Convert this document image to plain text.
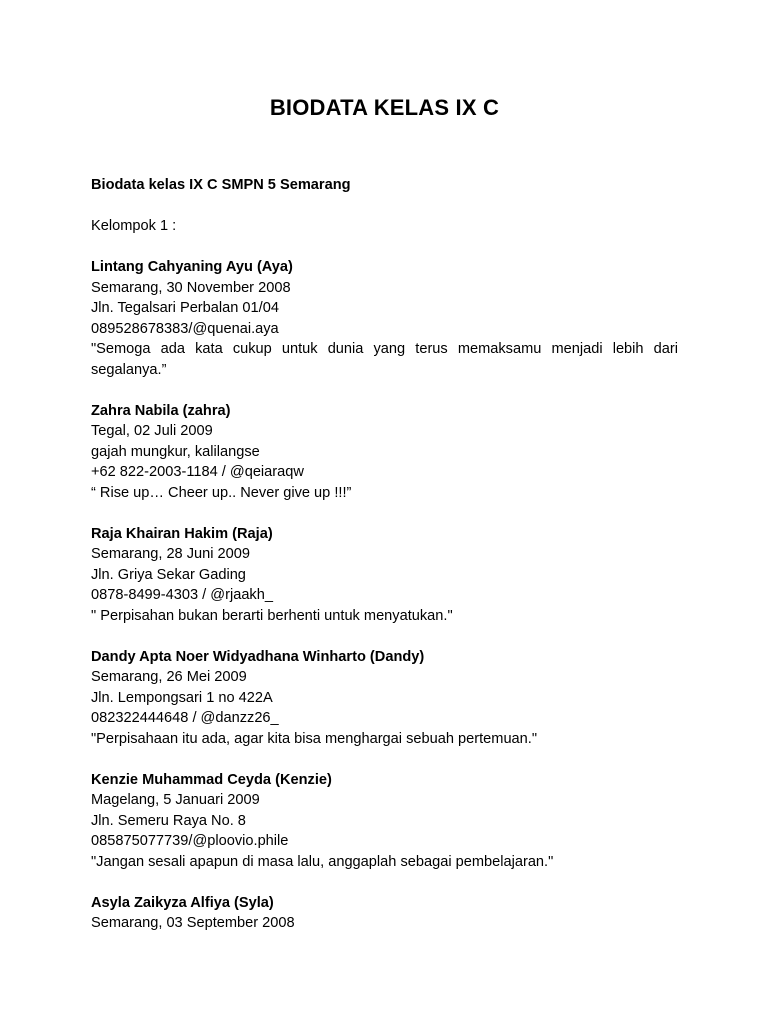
BIODATA KELAS IX C

Biodata kelas IX C SMPN 5 Semarang

Kelompok 1 :

Lintang Cahyaning Ayu (Aya)
Semarang, 30 November 2008
Jln. Tegalsari Perbalan 01/04
089528678383/@quenai.aya
"Semoga ada kata cukup untuk dunia yang terus memaksamu menjadi lebih dari segalanya.”
Zahra Nabila (zahra)
Tegal, 02 Juli 2009
gajah mungkur, kalilangse
+62 822-2003-1184 / @qeiaraqw
“ Rise up… Cheer up.. Never give up !!!”
Raja Khairan Hakim (Raja)
Semarang, 28 Juni 2009
Jln. Griya Sekar Gading
0878-8499-4303 / @rjaakh_
" Perpisahan bukan berarti berhenti untuk menyatukan."
Dandy Apta Noer Widyadhana Winharto (Dandy)
Semarang, 26 Mei 2009
Jln. Lempongsari 1 no 422A
082322444648 / @danzz26_
"Perpisahaan itu ada, agar kita bisa menghargai sebuah pertemuan."
Kenzie Muhammad Ceyda (Kenzie)
Magelang, 5 Januari 2009
Jln. Semeru Raya No. 8
085875077739/@ploovio.phile
"Jangan sesali apapun di masa lalu, anggaplah sebagai pembelajaran."
Asyla Zaikyza Alfiya (Syla)
Semarang, 03 September 2008
